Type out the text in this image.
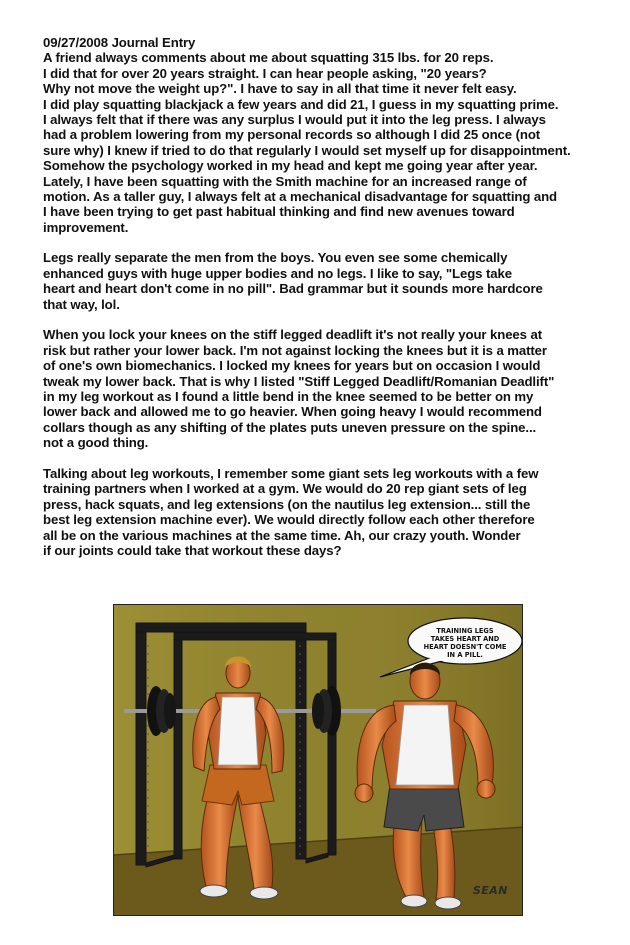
09/27/2008 Journal Entry
A friend always comments about me about squatting 315 lbs. for 20 reps.
I did that for over 20 years straight. I can hear people asking, "20 years?
Why not move the weight up?". I have to say in all that time it never felt easy.
I did play squatting blackjack a few years and did 21, I guess in my squatting prime.
I always felt that if there was any surplus I would put it into the leg press. I always
had a problem lowering from my personal records so although I did 25 once (not
sure why) I knew if tried to do that regularly I would set myself up for disappointment.
Somehow the psychology worked in my head and kept me going year after year.
Lately, I have been squatting with the Smith machine for an increased range of
motion. As a taller guy, I always felt at a mechanical disadvantage for squatting and
I have been trying to get past habitual thinking and find new avenues toward
improvement.
Legs really separate the men from the boys. You even see some chemically
enhanced guys with huge upper bodies and no legs. I like to say, "Legs take
heart and heart don't come in no pill". Bad grammar but it sounds more hardcore
that way, lol.
When you lock your knees on the stiff legged deadlift it's not really your knees at
risk but rather your lower back. I'm not against locking the knees but it is a matter
of one's own biomechanics. I locked my knees for years but on occasion I would
tweak my lower back. That is why I listed "Stiff Legged Deadlift/Romanian Deadlift"
in my leg workout as I found a little bend in the knee seemed to be better on my
lower back and allowed me to go heavier. When going heavy I would recommend
collars though as any shifting of the plates puts uneven pressure on the spine...
not a good thing.
Talking about leg workouts, I remember some giant sets leg workouts with a few
training partners when I worked at a gym. We would do 20 rep giant sets of leg
press, hack squats, and leg extensions (on the nautilus leg extension... still the
best leg extension machine ever). We would directly follow each other therefore
all be on the various machines at the same time. Ah, our crazy youth. Wonder
if our joints could take that workout these days?
TRAINING LEGS
TAKES HEART AND
HEART DOESN'T COME
IN A PILL.
SEAN
